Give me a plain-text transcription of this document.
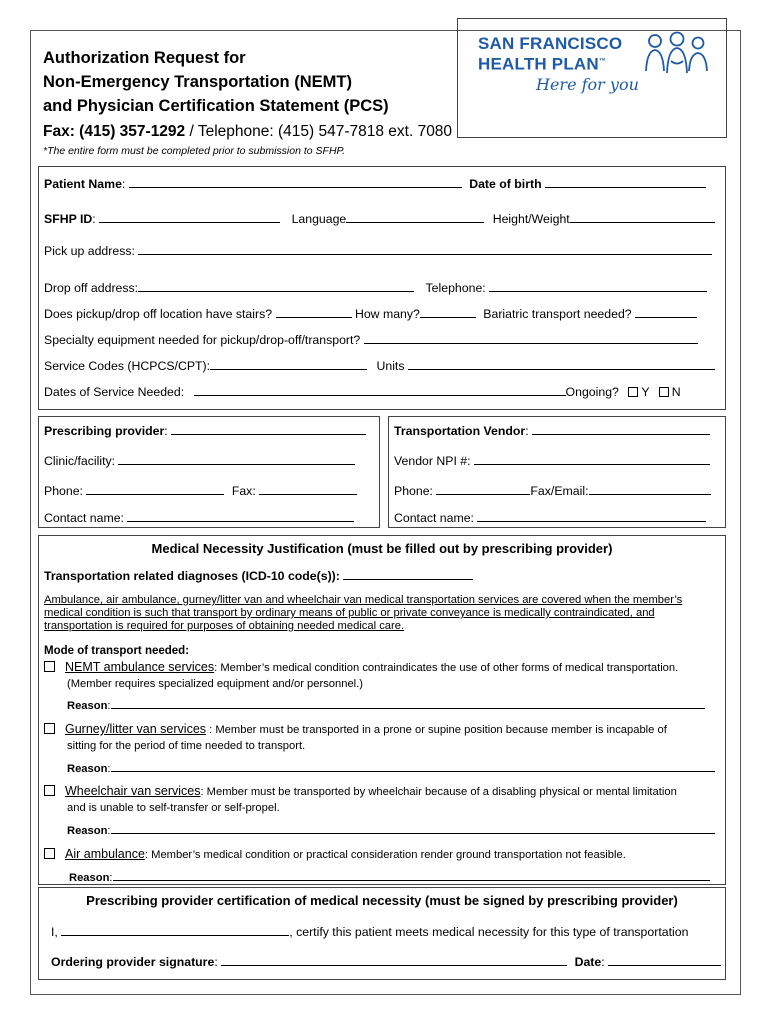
Authorization Request for
Non-Emergency Transportation (NEMT)
and Physician Certification Statement (PCS)
Fax: (415) 357-1292 / Telephone: (415) 547-7818 ext. 7080
*The entire form must be completed prior to submission to SFHP.
SAN FRANCISCO
HEALTH PLAN™
Here for you
Patient Name:	Date of birth
SFHP ID:	Language	Height/Weight
Pick up address:
Drop off address:	Telephone:
Does pickup/drop off location have stairs?	How many?	Bariatric transport needed?
Specialty equipment needed for pickup/drop-off/transport?
Service Codes (HCPCS/CPT):	Units
Dates of Service Needed:	Ongoing? Y N
Prescribing provider:
Clinic/facility:
Phone:	Fax:
Contact name:
Transportation Vendor:
Vendor NPI #:
Phone:	Fax/Email:
Contact name:
Medical Necessity Justification (must be filled out by prescribing provider)
Transportation related diagnoses (ICD-10 code(s)):
Ambulance, air ambulance, gurney/litter van and wheelchair van medical transportation services are covered when the member’s
medical condition is such that transport by ordinary means of public or private conveyance is medically contraindicated, and
transportation is required for purposes of obtaining needed medical care.
Mode of transport needed:
NEMT ambulance services: Member’s medical condition contraindicates the use of other forms of medical transportation.
(Member requires specialized equipment and/or personnel.)
Reason:
Gurney/litter van services : Member must be transported in a prone or supine position because member is incapable of
sitting for the period of time needed to transport.
Reason:
Wheelchair van services: Member must be transported by wheelchair because of a disabling physical or mental limitation
and is unable to self-transfer or self-propel.
Reason:
Air ambulance: Member’s medical condition or practical consideration render ground transportation not feasible.
Reason:
Prescribing provider certification of medical necessity (must be signed by prescribing provider)
I,	, certify this patient meets medical necessity for this type of transportation
Ordering provider signature:	Date:
